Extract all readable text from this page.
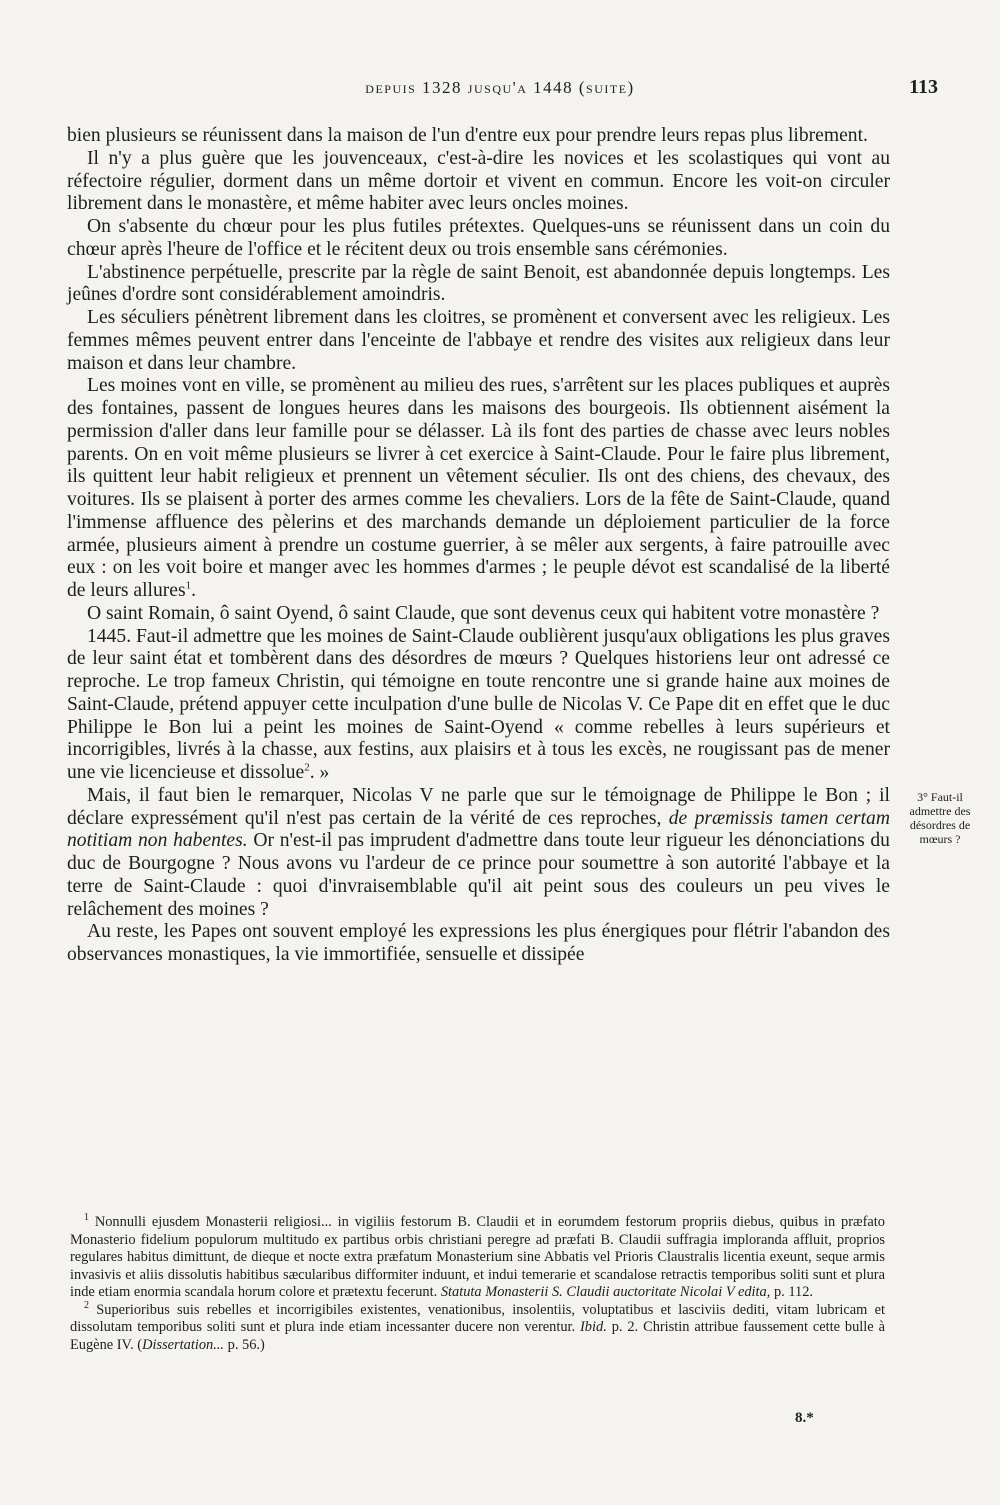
depuis 1328 jusqu'a 1448 (suite)	113

bien plusieurs se réunissent dans la maison de l'un d'entre eux pour prendre leurs repas plus librement.

Il n'y a plus guère que les jouvenceaux, c'est-à-dire les novices et les scolastiques qui vont au réfectoire régulier, dorment dans un même dortoir et vivent en commun. Encore les voit-on circuler librement dans le monastère, et même habiter avec leurs oncles moines.

On s'absente du chœur pour les plus futiles prétextes. Quelques-uns se réunissent dans un coin du chœur après l'heure de l'office et le récitent deux ou trois ensemble sans cérémonies.

L'abstinence perpétuelle, prescrite par la règle de saint Benoit, est abandonnée depuis longtemps. Les jeûnes d'ordre sont considérablement amoindris.

Les séculiers pénètrent librement dans les cloitres, se promènent et conversent avec les religieux. Les femmes mêmes peuvent entrer dans l'enceinte de l'abbaye et rendre des visites aux religieux dans leur maison et dans leur chambre.

Les moines vont en ville, se promènent au milieu des rues, s'arrêtent sur les places publiques et auprès des fontaines, passent de longues heures dans les maisons des bourgeois. Ils obtiennent aisément la permission d'aller dans leur famille pour se délasser. Là ils font des parties de chasse avec leurs nobles parents. On en voit même plusieurs se livrer à cet exercice à Saint-Claude. Pour le faire plus librement, ils quittent leur habit religieux et prennent un vêtement séculier. Ils ont des chiens, des chevaux, des voitures. Ils se plaisent à porter des armes comme les chevaliers. Lors de la fête de Saint-Claude, quand l'immense affluence des pèlerins et des marchands demande un déploiement particulier de la force armée, plusieurs aiment à prendre un costume guerrier, à se mêler aux sergents, à faire patrouille avec eux : on les voit boire et manger avec les hommes d'armes ; le peuple dévot est scandalisé de la liberté de leurs allures$^1$.

O saint Romain, ô saint Oyend, ô saint Claude, que sont devenus ceux qui habitent votre monastère ?

1445. Faut-il admettre que les moines de Saint-Claude oublièrent jusqu'aux obligations les plus graves de leur saint état et tombèrent dans des désordres de mœurs ? Quelques historiens leur ont adressé ce reproche. Le trop fameux Christin, qui témoigne en toute rencontre une si grande haine aux moines de Saint-Claude, prétend appuyer cette inculpation d'une bulle de Nicolas V. Ce Pape dit en effet que le duc Philippe le Bon lui a peint les moines de Saint-Oyend « comme rebelles à leurs supérieurs et incorrigibles, livrés à la chasse, aux festins, aux plaisirs et à tous les excès, ne rougissant pas de mener une vie licencieuse et dissolue$^2$. »

Mais, il faut bien le remarquer, Nicolas V ne parle que sur le témoignage de Philippe le Bon ; il déclare expressément qu'il n'est pas certain de la vérité de ces reproches, de præmissis tamen certam notitiam non habentes. Or n'est-il pas imprudent d'admettre dans toute leur rigueur les dénonciations du duc de Bourgogne ? Nous avons vu l'ardeur de ce prince pour soumettre à son autorité l'abbaye et la terre de Saint-Claude : quoi d'invraisemblable qu'il ait peint sous des couleurs un peu vives le relâchement des moines ?

Au reste, les Papes ont souvent employé les expressions les plus énergiques pour flétrir l'abandon des observances monastiques, la vie immortifiée, sensuelle et dissipée

3° Faut-il
admettre des
désordres de
mœurs ?

$^1$ Nonnulli ejusdem Monasterii religiosi... in vigiliis festorum B. Claudii et in eorumdem festorum propriis diebus, quibus in præfato Monasterio fidelium populorum multitudo ex partibus orbis christiani peregre ad præfati B. Claudii suffragia imploranda affluit, proprios regulares habitus dimittunt, de dieque et nocte extra præfatum Monasterium sine Abbatis vel Prioris Claustralis licentia exeunt, seque armis invasivis et aliis dissolutis habitibus sæcularibus difformiter induunt, et indui temerarie et scandalose retractis temporibus soliti sunt et plura inde etiam enormia scandala horum colore et prætextu fecerunt. Statuta Monasterii S. Claudii auctoritate Nicolai V edita, p. 112.

$^2$ Superioribus suis rebelles et incorrigibiles existentes, venationibus, insolentiis, voluptatibus et lasciviis dediti, vitam lubricam et dissolutam temporibus soliti sunt et plura inde etiam incessanter ducere non verentur. Ibid. p. 2. Christin attribue faussement cette bulle à Eugène IV. (Dissertation... p. 56.)

8.*
